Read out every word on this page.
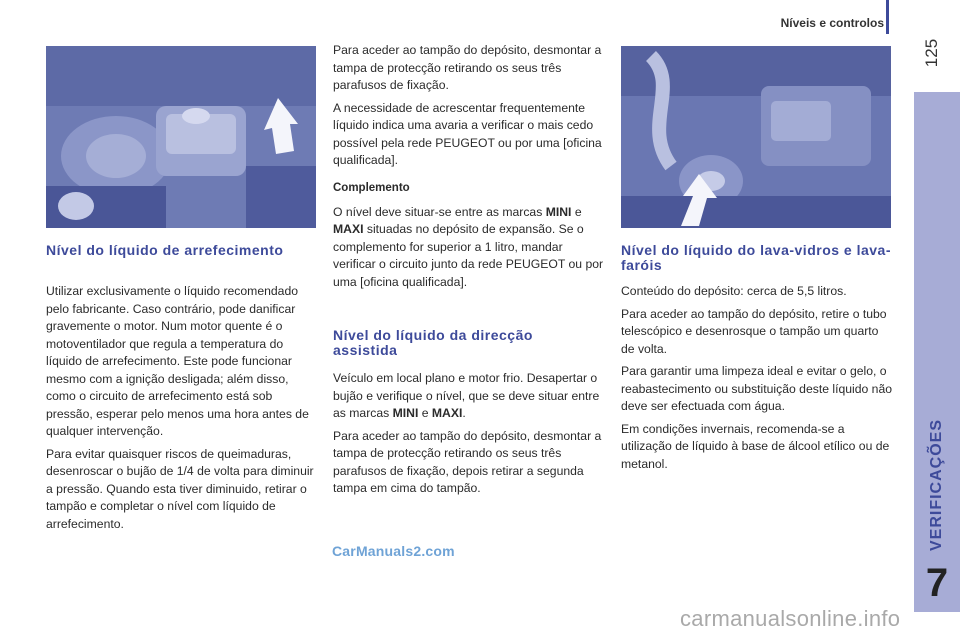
Níveis e controlos
125
VERIFICAÇÕES
7
Nível do líquido de arrefecimento

Utilizar exclusivamente o líquido recomendado pelo fabricante. Caso contrário, pode danificar gravemente o motor. Num motor quente é o motoventilador que regula a temperatura do líquido de arrefecimento. Este pode funcionar mesmo com a ignição desligada; além disso, como o circuito de arrefecimento está sob pressão, esperar pelo menos uma hora antes de qualquer intervenção.

Para evitar quaisquer riscos de queimaduras, desenroscar o bujão de 1/4 de volta para diminuir a pressão. Quando esta tiver diminuido, retirar o tampão e completar o nível com líquido de arrefecimento.

Para aceder ao tampão do depósito, desmontar a tampa de protecção retirando os seus três parafusos de fixação.

A necessidade de acrescentar frequentemente líquido indica uma avaria a verificar o mais cedo possível pela rede PEUGEOT ou por uma [oficina qualificada].

Complemento

O nível deve situar-se entre as marcas MINI e MAXI situadas no depósito de expansão. Se o complemento for superior a 1 litro, mandar verificar o circuito junto da rede PEUGEOT ou por uma [oficina qualificada].

Nível do líquido da direcção assistida

Veículo em local plano e motor frio. Desapertar o bujão e verifique o nível, que se deve situar entre as marcas MINI e MAXI.

Para aceder ao tampão do depósito, desmontar a tampa de protecção retirando os seus três parafusos de fixação, depois retirar a segunda tampa em cima do tampão.

Nível do líquido do lava-vidros e lava-faróis

Conteúdo do depósito: cerca de 5,5 litros.

Para aceder ao tampão do depósito, retire o tubo telescópico e desenrosque o tampão um quarto de volta.

Para garantir uma limpeza ideal e evitar o gelo, o reabastecimento ou substituição deste líquido não deve ser efectuada com água.

Em condições invernais, recomenda-se a utilização de líquido à base de álcool etílico ou de metanol.

CarManuals2.com
carmanualsonline.info
